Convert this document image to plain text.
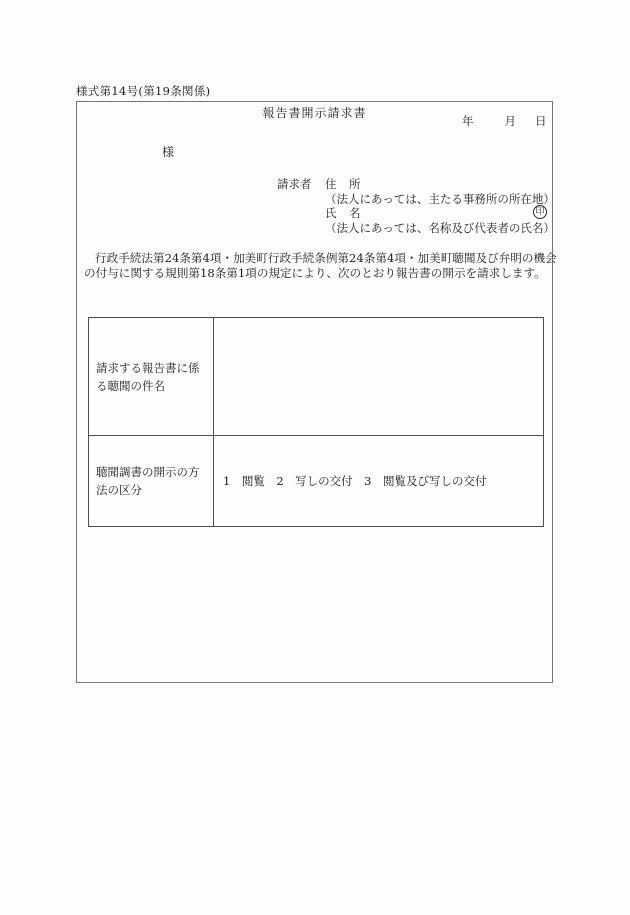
様式第14号(第19条関係)
報告書開示請求書
年	月 日
様
請求者 住　所
（法人にあっては、主たる事務所の所在地）
氏　名	印
（法人にあっては、名称及び代表者の氏名）
行政手続法第24条第4項・加美町行政手続条例第24条第4項・加美町聴聞及び弁明の機会
の付与に関する規則第18条第1項の規定により、次のとおり報告書の開示を請求します。
請求する報告書に係る聴聞の件名
聴聞調書の開示の方法の区分
1　閲覧　2　写しの交付　3　閲覧及び写しの交付
